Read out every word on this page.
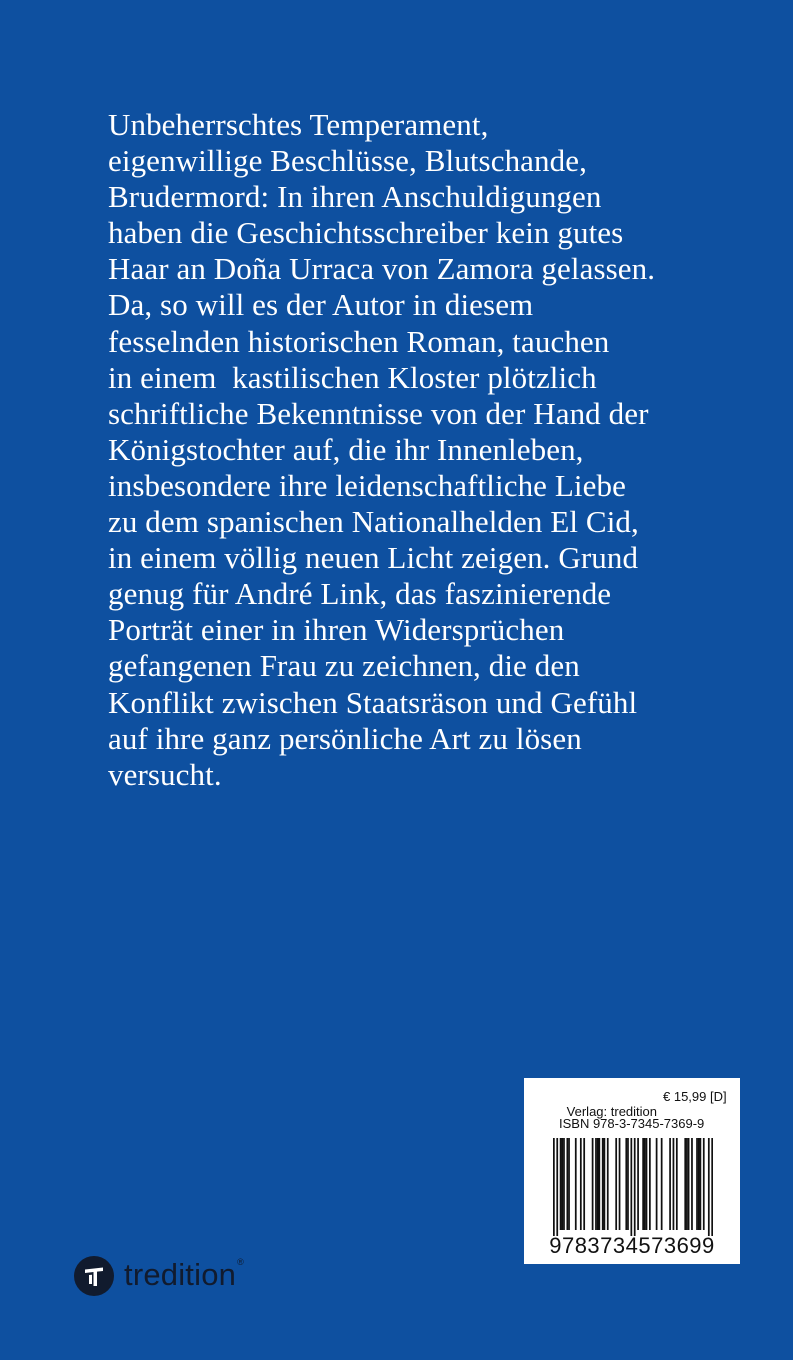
Unbeherrschtes Temperament,
eigenwillige Beschlüsse, Blutschande,
Brudermord: In ihren Anschuldigungen
haben die Geschichtsschreiber kein gutes
Haar an Doña Urraca von Zamora gelassen.
Da, so will es der Autor in diesem
fesselnden historischen Roman, tauchen
in einem  kastilischen Kloster plötzlich
schriftliche Bekenntnisse von der Hand der
Königstochter auf, die ihr Innenleben,
insbesondere ihre leidenschaftliche Liebe
zu dem spanischen Nationalhelden El Cid,
in einem völlig neuen Licht zeigen. Grund
genug für André Link, das faszinierende
Porträt einer in ihren Widersprüchen
gefangenen Frau zu zeichnen, die den
Konflikt zwischen Staatsräson und Gefühl
auf ihre ganz persönliche Art zu lösen
versucht.

Verlag: tredition

€ 15,99 [D]

ISBN 978-3-7345-7369-9
9783734573699
tredition ®
